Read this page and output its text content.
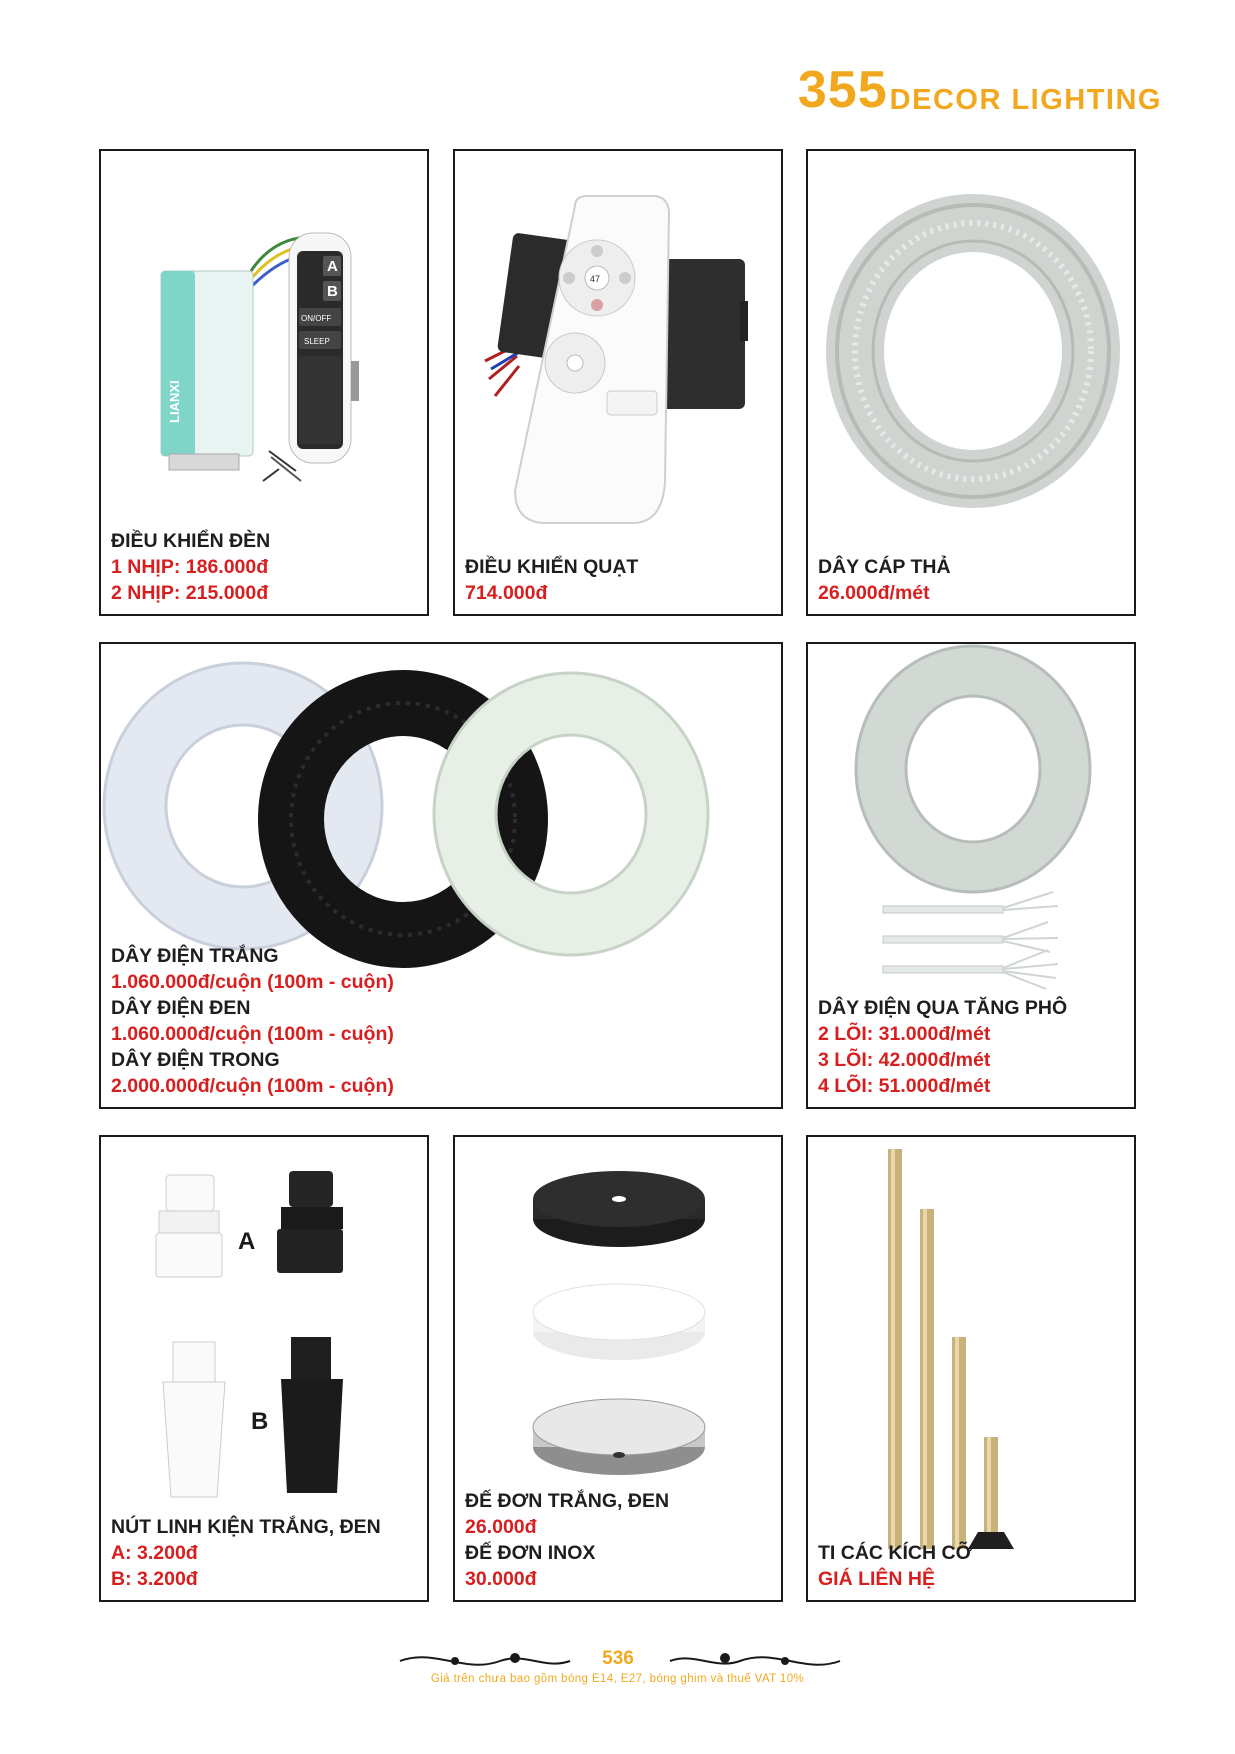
355 DECOR LIGHTING
LIANXI
A
B
ON/OFF
SLEEP
ĐIỀU KHIỂN ĐÈN
1 NHỊP: 186.000đ
2 NHỊP: 215.000đ
47
ĐIỀU KHIỂN QUẠT
714.000đ
DÂY CÁP THẢ
26.000đ/mét
DÂY ĐIỆN TRẮNG
1.060.000đ/cuộn (100m - cuộn)
DÂY ĐIỆN ĐEN
1.060.000đ/cuộn (100m - cuộn)
DÂY ĐIỆN TRONG
2.000.000đ/cuộn (100m - cuộn)
DÂY ĐIỆN QUA TĂNG PHÔ
2 LÕI: 31.000đ/mét
3 LÕI: 42.000đ/mét
4 LÕI: 51.000đ/mét
A
B
NÚT LINH KIỆN TRẮNG, ĐEN
A: 3.200đ
B: 3.200đ
ĐẾ ĐƠN TRẮNG, ĐEN
26.000đ
ĐẾ ĐƠN INOX
30.000đ
TI CÁC KÍCH CỠ
GIÁ LIÊN HỆ
536
Giá trên chưa bao gồm bóng E14, E27, bóng ghim và thuế VAT 10%
